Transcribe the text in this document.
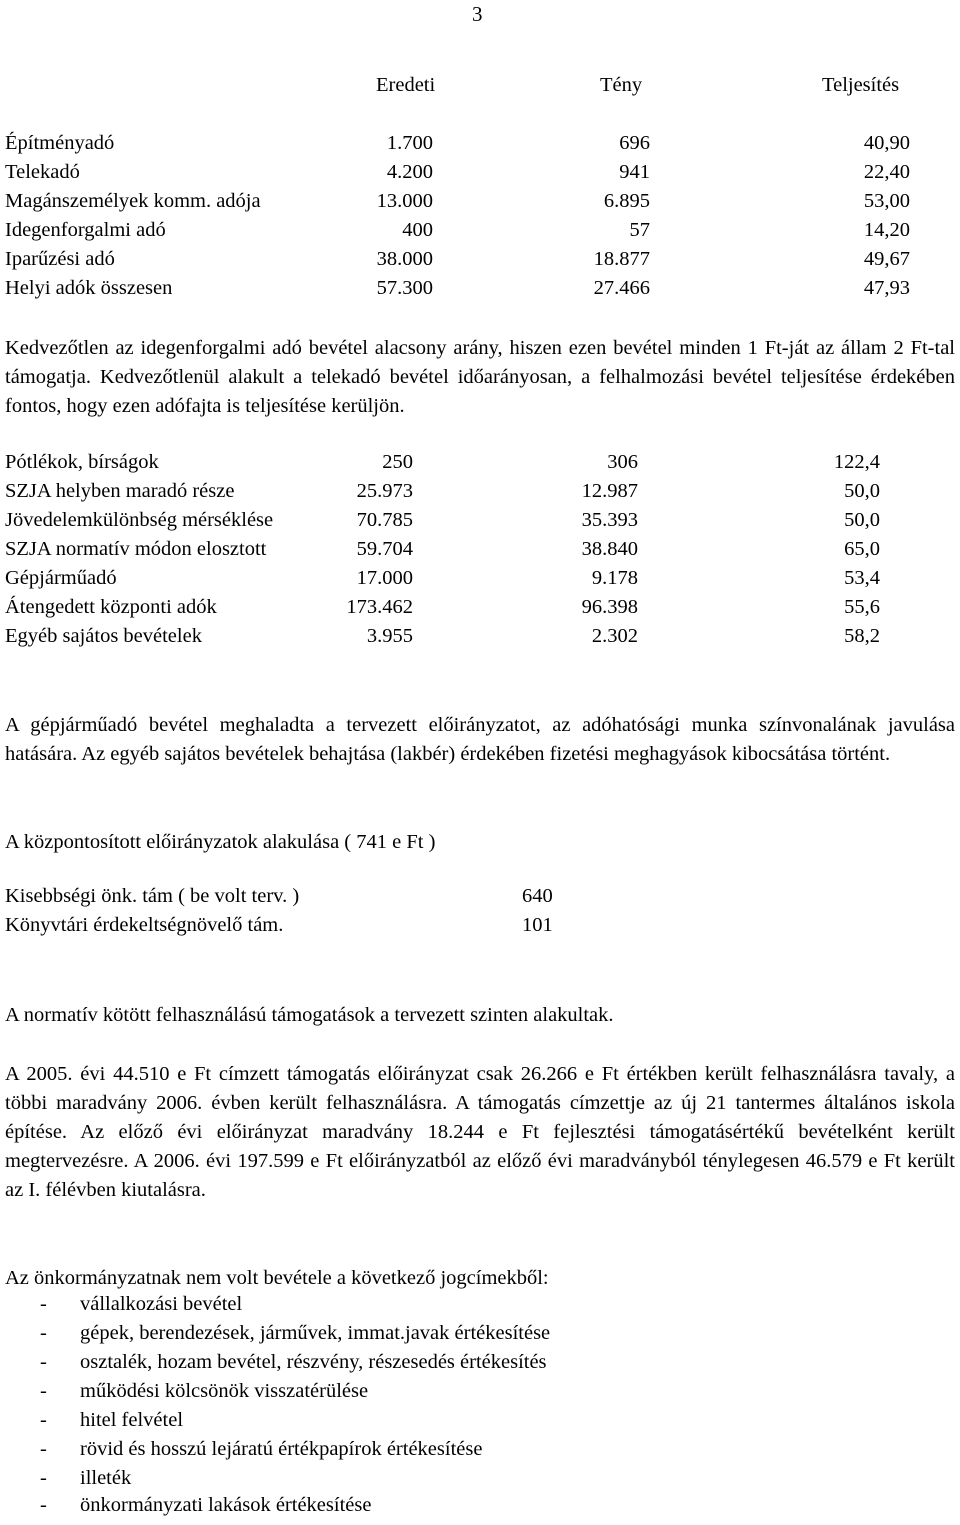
3
Eredeti	Tény	Teljesítés
Építményadó	1.700	696	40,90
Telekadó	4.200	941	22,40
Magánszemélyek komm. adója	13.000	6.895	53,00
Idegenforgalmi adó	400	57	14,20
Iparűzési adó	38.000	18.877	49,67
Helyi adók összesen	57.300	27.466	47,93

Kedvezőtlen az idegenforgalmi adó bevétel alacsony arány, hiszen ezen bevétel minden 1 Ft-ját az állam 2 Ft-tal támogatja. Kedvezőtlenül alakult a telekadó bevétel időarányosan, a felhalmozási bevétel teljesítése érdekében fontos, hogy ezen adófajta is teljesítése kerüljön.

Pótlékok, bírságok	250	306	122,4
SZJA helyben maradó része	25.973	12.987	50,0
Jövedelemkülönbség mérséklése	70.785	35.393	50,0
SZJA normatív módon elosztott	59.704	38.840	65,0
Gépjárműadó	17.000	9.178	53,4
Átengedett központi adók	173.462	96.398	55,6
Egyéb sajátos bevételek	3.955	2.302	58,2

A gépjárműadó bevétel meghaladta a tervezett előirányzatot, az adóhatósági munka színvonalának javulása hatására. Az egyéb sajátos bevételek behajtása (lakbér) érdekében fizetési meghagyások kibocsátása történt.

A központosított előirányzatok alakulása ( 741 e Ft )

Kisebbségi önk. tám ( be volt terv. )	640
Könyvtári érdekeltségnövelő tám.	101

A normatív kötött felhasználású támogatások a tervezett szinten alakultak.

A 2005. évi 44.510 e Ft címzett támogatás előirányzat csak 26.266 e Ft értékben került felhasználásra tavaly, a többi maradvány 2006. évben került felhasználásra. A támogatás címzettje az új 21 tantermes általános iskola építése. Az előző évi előirányzat maradvány 18.244 e Ft fejlesztési támogatásértékű bevételként került megtervezésre. A 2006. évi 197.599 e Ft előirányzatból az előző évi maradványból ténylegesen 46.579 e Ft került az I. félévben kiutalásra.

Az önkormányzatnak nem volt bevétele a következő jogcímekből:

- vállalkozási bevétel
- gépek, berendezések, járművek, immat.javak értékesítése
- osztalék, hozam bevétel, részvény, részesedés értékesítés
- működési kölcsönök visszatérülése
- hitel felvétel
- rövid és hosszú lejáratú értékpapírok értékesítése
- illeték
- önkormányzati lakások értékesítése
